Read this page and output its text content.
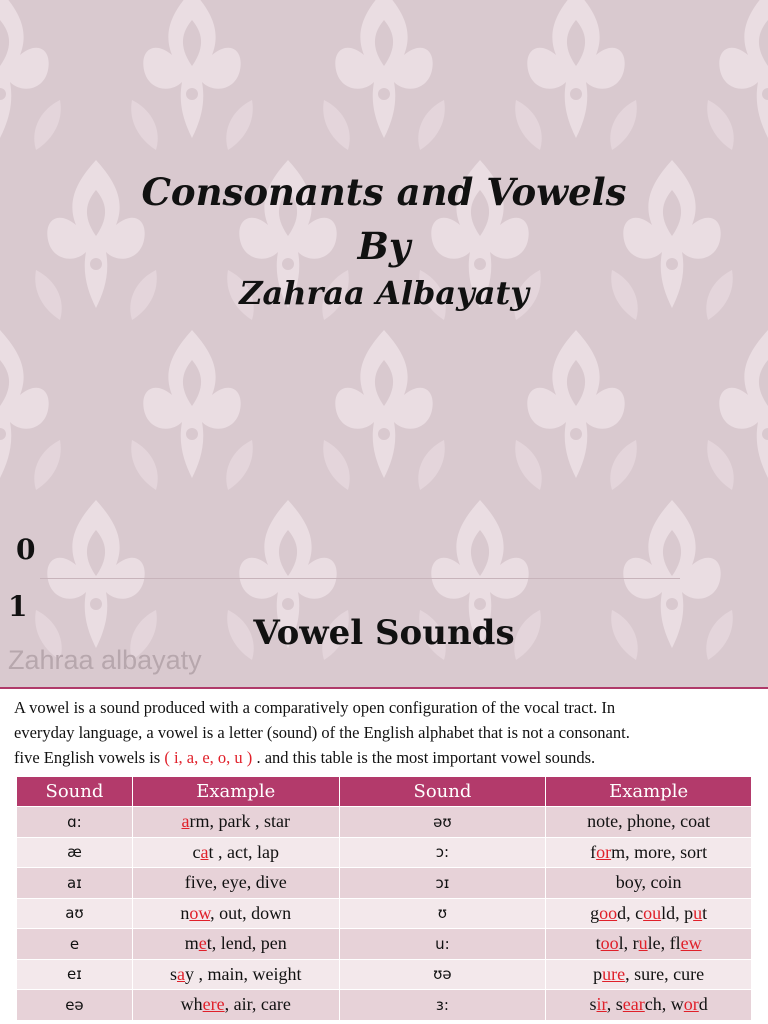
Consonants and Vowels
By
Zahraa Albayaty
0
1
Vowel Sounds
Zahraa albayaty
A vowel is a sound produced with a comparatively open configuration of the vocal tract. In
everyday language, a vowel is a letter (sound) of the English alphabet that is not a consonant.
five English vowels is ( i, a, e, o, u ) . and this table is the most important vowel sounds.
Sound	Example	Sound	Example
ɑ:	arm, park , star	əʊ	note, phone, coat
æ	cat , act, lap	ɔ:	form, more, sort
aɪ	five, eye, dive	ɔɪ	boy, coin
aʊ	now, out, down	ʊ	good, could, put
e	met, lend, pen	u:	tool, rule, flew
eɪ	say , main, weight	ʊə	pure, sure, cure
eə	where, air, care	ɜ:	sir, search, word
